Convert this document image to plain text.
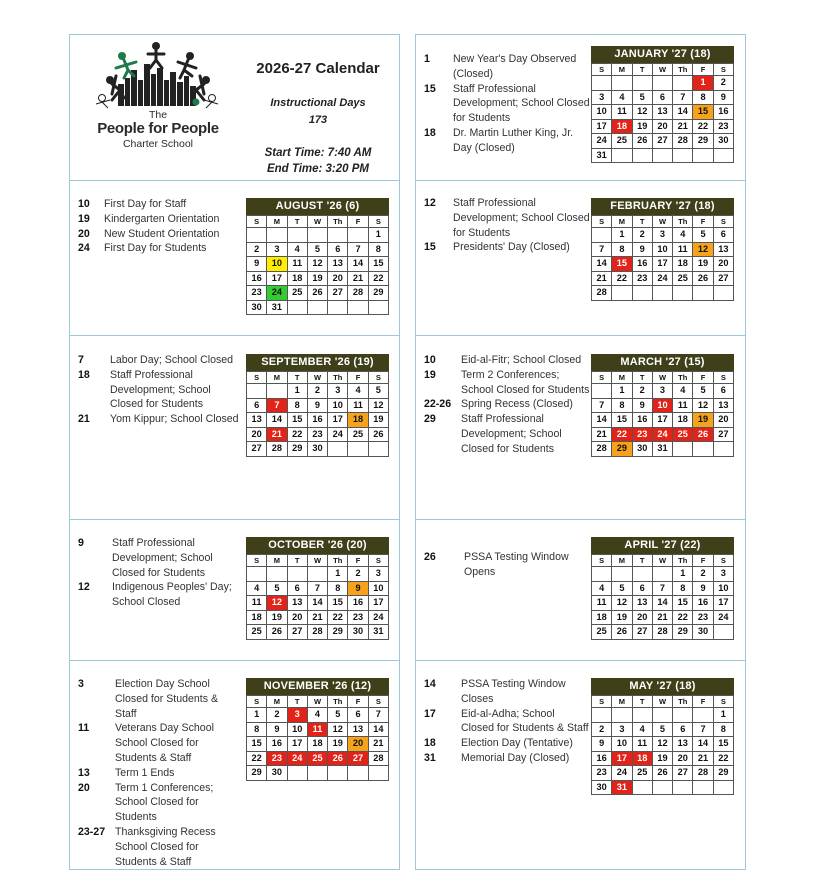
The
People for People
Charter School
2026-27 Calendar
Instructional Days
173
Start Time: 7:40 AM
End Time: 3:20 PM
10	First Day for Staff
19	Kindergarten Orientation
20	New Student Orientation
24	First Day for Students
AUGUST '26 (6)
S	M	T	W	Th	F	S
						1
2	3	4	5	6	7	8
9	10	11	12	13	14	15
16	17	18	19	20	21	22
23	24	25	26	27	28	29
30	31					
7	Labor Day; School Closed
18	Staff Professional Development; School Closed for Students
21	Yom Kippur; School Closed
SEPTEMBER '26 (19)
S	M	T	W	Th	F	S
		1	2	3	4	5
6	7	8	9	10	11	12
13	14	15	16	17	18	19
20	21	22	23	24	25	26
27	28	29	30			
9	Staff Professional Development; School Closed for Students
12	Indigenous Peoples' Day; School Closed
OCTOBER '26 (20)
S	M	T	W	Th	F	S
				1	2	3
4	5	6	7	8	9	10
11	12	13	14	15	16	17
18	19	20	21	22	23	24
25	26	27	28	29	30	31
3	Election Day School Closed for Students & Staff
11	Veterans Day School School Closed for Students & Staff
13	Term 1 Ends
20	Term 1 Conferences; School Closed for Students
23-27 Thanksgiving Recess School Closed for Students & Staff
NOVEMBER '26 (12)
S	M	T	W	Th	F	S
1	2	3	4	5	6	7
8	9	10	11	12	13	14
15	16	17	18	19	20	21
22	23	24	25	26	27	28
29	30					
1	New Year's Day Observed (Closed)
15	Staff Professional Development; School Closed for Students
18	Dr. Martin Luther King, Jr. Day (Closed)
JANUARY '27 (18)
S	M	T	W	Th	F	S
					1	2
3	4	5	6	7	8	9
10	11	12	13	14	15	16
17	18	19	20	21	22	23
24	25	26	27	28	29	30
31						
12	Staff Professional Development; School Closed for Students
15	Presidents' Day (Closed)
FEBRUARY '27 (18)
S	M	T	W	Th	F	S
	1	2	3	4	5	6
7	8	9	10	11	12	13
14	15	16	17	18	19	20
21	22	23	24	25	26	27
28						
10	Eid-al-Fitr; School Closed
19	Term 2 Conferences; School Closed for Students
22-26 Spring Recess (Closed)
29	Staff Professional Development; School Closed for Students
MARCH '27 (15)
S	M	T	W	Th	F	S
	1	2	3	4	5	6
7	8	9	10	11	12	13
14	15	16	17	18	19	20
21	22	23	24	25	26	27
28	29	30	31			
26	PSSA Testing Window Opens
APRIL '27 (22)
S	M	T	W	Th	F	S
				1	2	3
4	5	6	7	8	9	10
11	12	13	14	15	16	17
18	19	20	21	22	23	24
25	26	27	28	29	30	
14	PSSA Testing Window Closes
17	Eid-al-Adha; School Closed for Students & Staff
18	Election Day (Tentative)
31	Memorial Day (Closed)
MAY '27 (18)
S	M	T	W	Th	F	S
						1
2	3	4	5	6	7	8
9	10	11	12	13	14	15
16	17	18	19	20	21	22
23	24	25	26	27	28	29
30	31					
